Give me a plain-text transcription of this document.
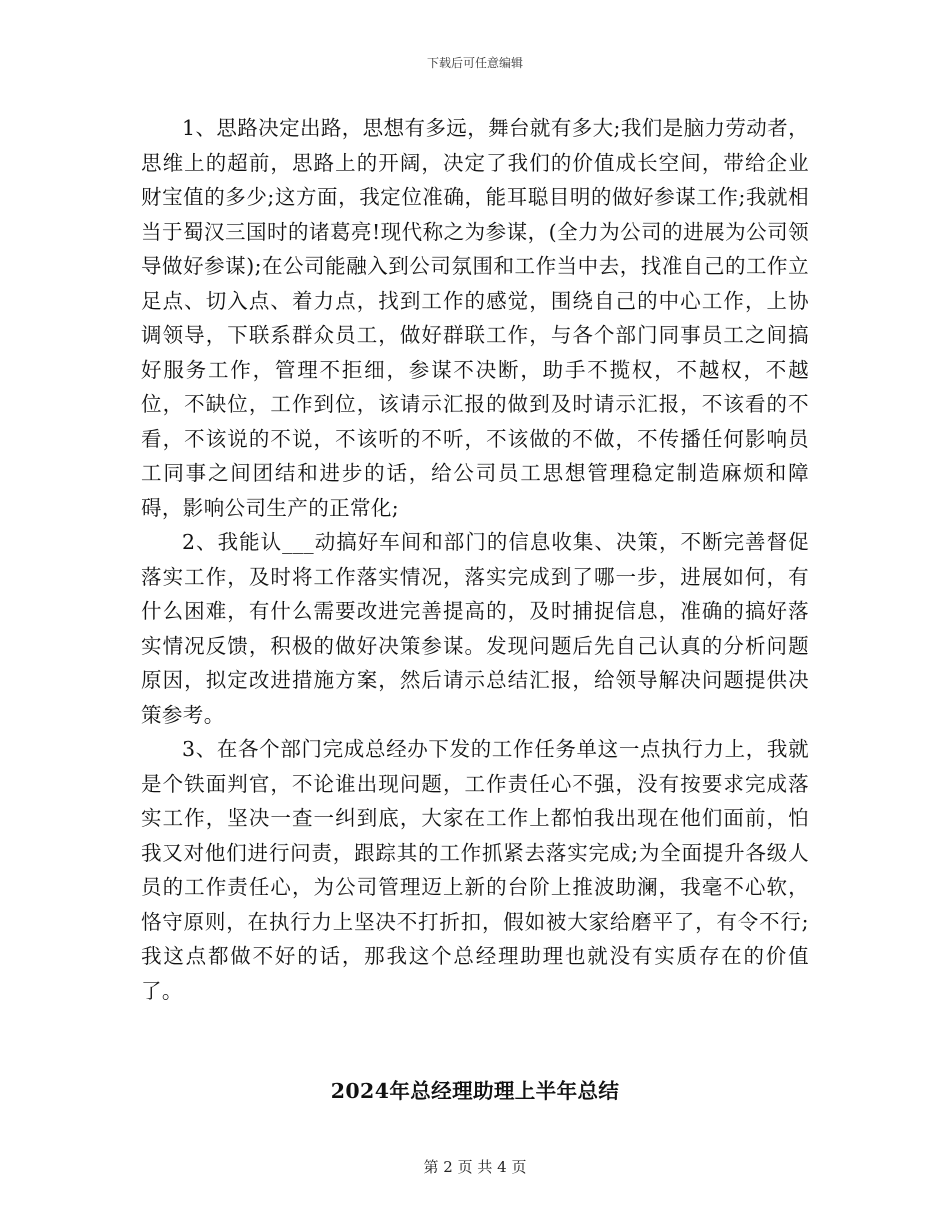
下载后可任意编辑

1、思路决定出路，思想有多远，舞台就有多大;我们是脑力劳动者，思维上的超前，思路上的开阔，决定了我们的价值成长空间，带给企业财宝值的多少;这方面，我定位准确，能耳聪目明的做好参谋工作;我就相当于蜀汉三国时的诸葛亮!现代称之为参谋，(全力为公司的进展为公司领导做好参谋);在公司能融入到公司氛围和工作当中去，找准自己的工作立足点、切入点、着力点，找到工作的感觉，围绕自己的中心工作，上协调领导，下联系群众员工，做好群联工作，与各个部门同事员工之间搞好服务工作，管理不拒细，参谋不决断，助手不揽权，不越权，不越位，不缺位，工作到位，该请示汇报的做到及时请示汇报，不该看的不看，不该说的不说，不该听的不听，不该做的不做，不传播任何影响员工同事之间团结和进步的话，给公司员工思想管理稳定制造麻烦和障碍，影响公司生产的正常化;

2、我能认___动搞好车间和部门的信息收集、决策，不断完善督促落实工作，及时将工作落实情况，落实完成到了哪一步，进展如何，有什么困难，有什么需要改进完善提高的，及时捕捉信息，准确的搞好落实情况反馈，积极的做好决策参谋。发现问题后先自己认真的分析问题原因，拟定改进措施方案，然后请示总结汇报，给领导解决问题提供决策参考。

3、在各个部门完成总经办下发的工作任务单这一点执行力上，我就是个铁面判官，不论谁出现问题，工作责任心不强，没有按要求完成落实工作，坚决一查一纠到底，大家在工作上都怕我出现在他们面前，怕我又对他们进行问责，跟踪其的工作抓紧去落实完成;为全面提升各级人员的工作责任心，为公司管理迈上新的台阶上推波助澜，我毫不心软，恪守原则，在执行力上坚决不打折扣，假如被大家给磨平了，有令不行;我这点都做不好的话，那我这个总经理助理也就没有实质存在的价值了。

2024年总经理助理上半年总结
第 2 页 共 4 页
